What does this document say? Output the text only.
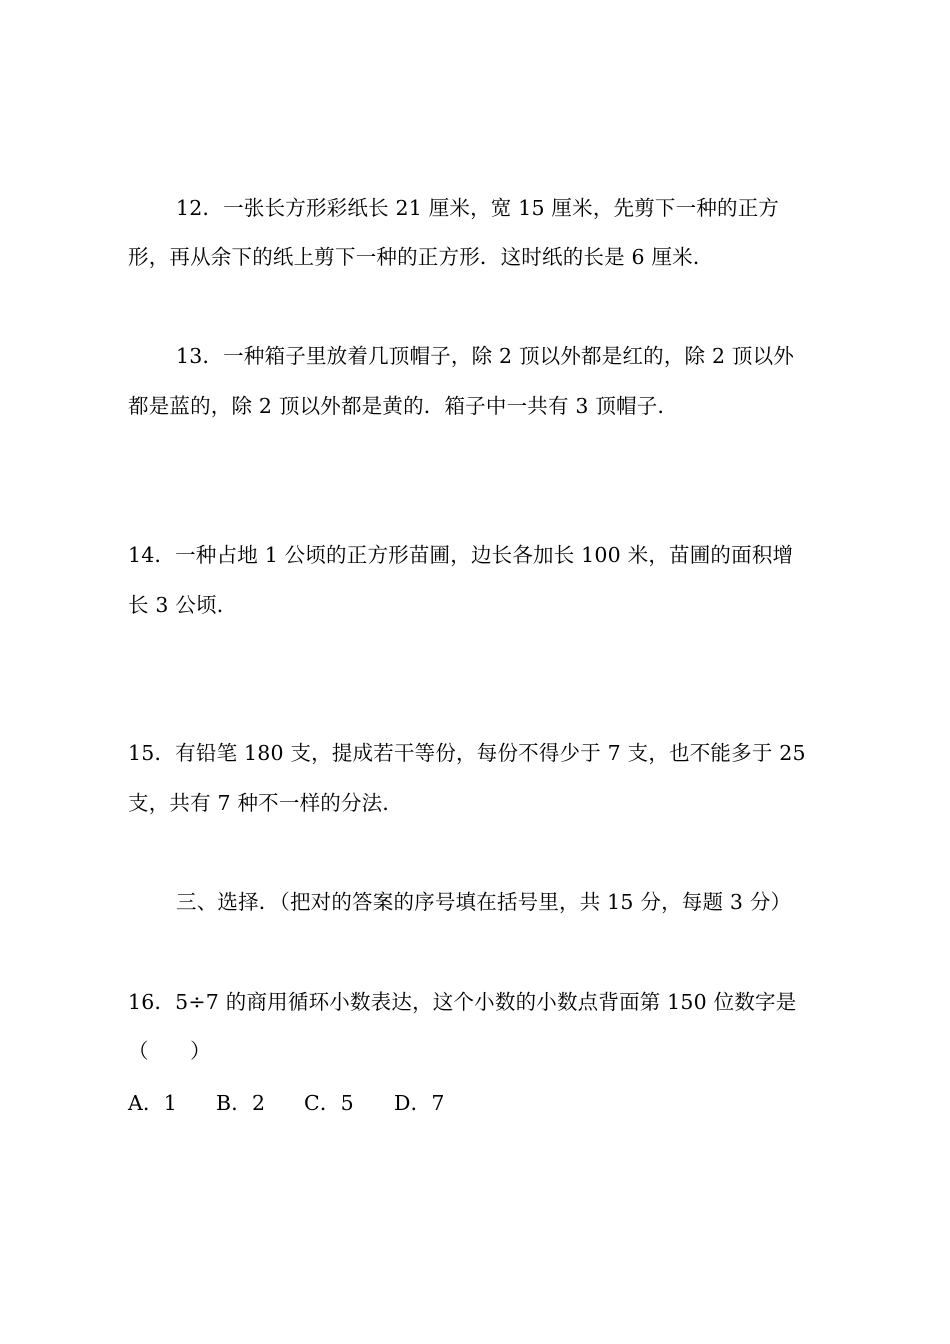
12．一张长方形彩纸长 21 厘米，宽 15 厘米，先剪下一种的正方
形，再从余下的纸上剪下一种的正方形．这时纸的长是 6 厘米．
13．一种箱子里放着几顶帽子，除 2 顶以外都是红的，除 2 顶以外
都是蓝的，除 2 顶以外都是黄的．箱子中一共有 3 顶帽子．
14．一种占地 1 公顷的正方形苗圃，边长各加长 100 米，苗圃的面积增
长 3 公顷．
15．有铅笔 180 支，提成若干等份，每份不得少于 7 支，也不能多于 25
支，共有 7 种不一样的分法．
三、选择．（把对的答案的序号填在括号里，共 15 分，每题 3 分）
16．5÷7 的商用循环小数表达，这个小数的小数点背面第 150 位数字是
（　　）
A．1 B．2 C．5 D．7
